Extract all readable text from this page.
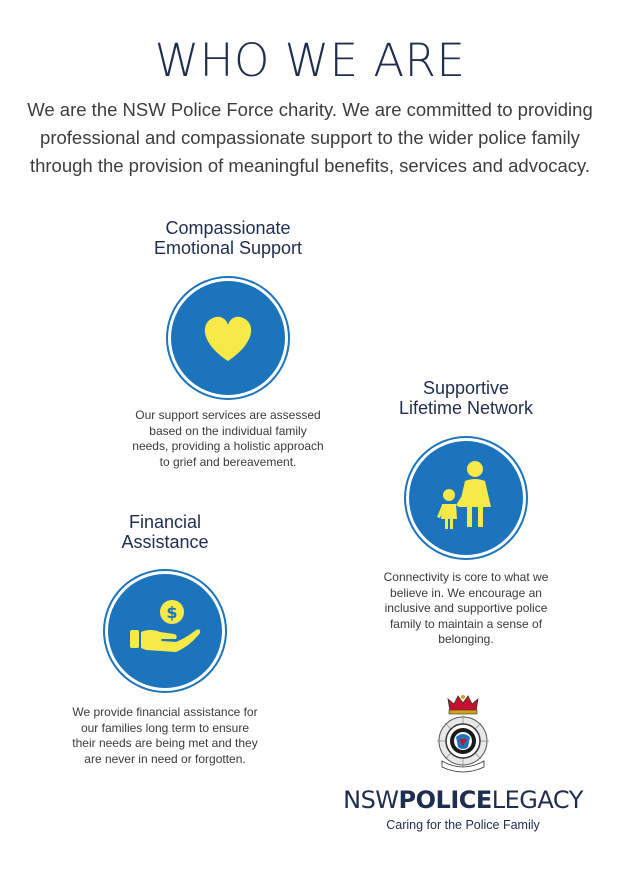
WHO WE ARE
We are the NSW Police Force charity. We are committed to providing professional and compassionate support to the wider police family through the provision of meaningful benefits, services and advocacy.
Compassionate
Emotional Support
Our support services are assessed based on the individual family needs, providing a holistic approach to grief and bereavement.
Supportive
Lifetime Network
Connectivity is core to what we believe in. We encourage an inclusive and supportive police family to maintain a sense of belonging.
Financial
Assistance
$
We provide financial assistance for our families long term to ensure their needs are being met and they are never in need or forgotten.
NSWPOLICELEGACY
Caring for the Police Family
